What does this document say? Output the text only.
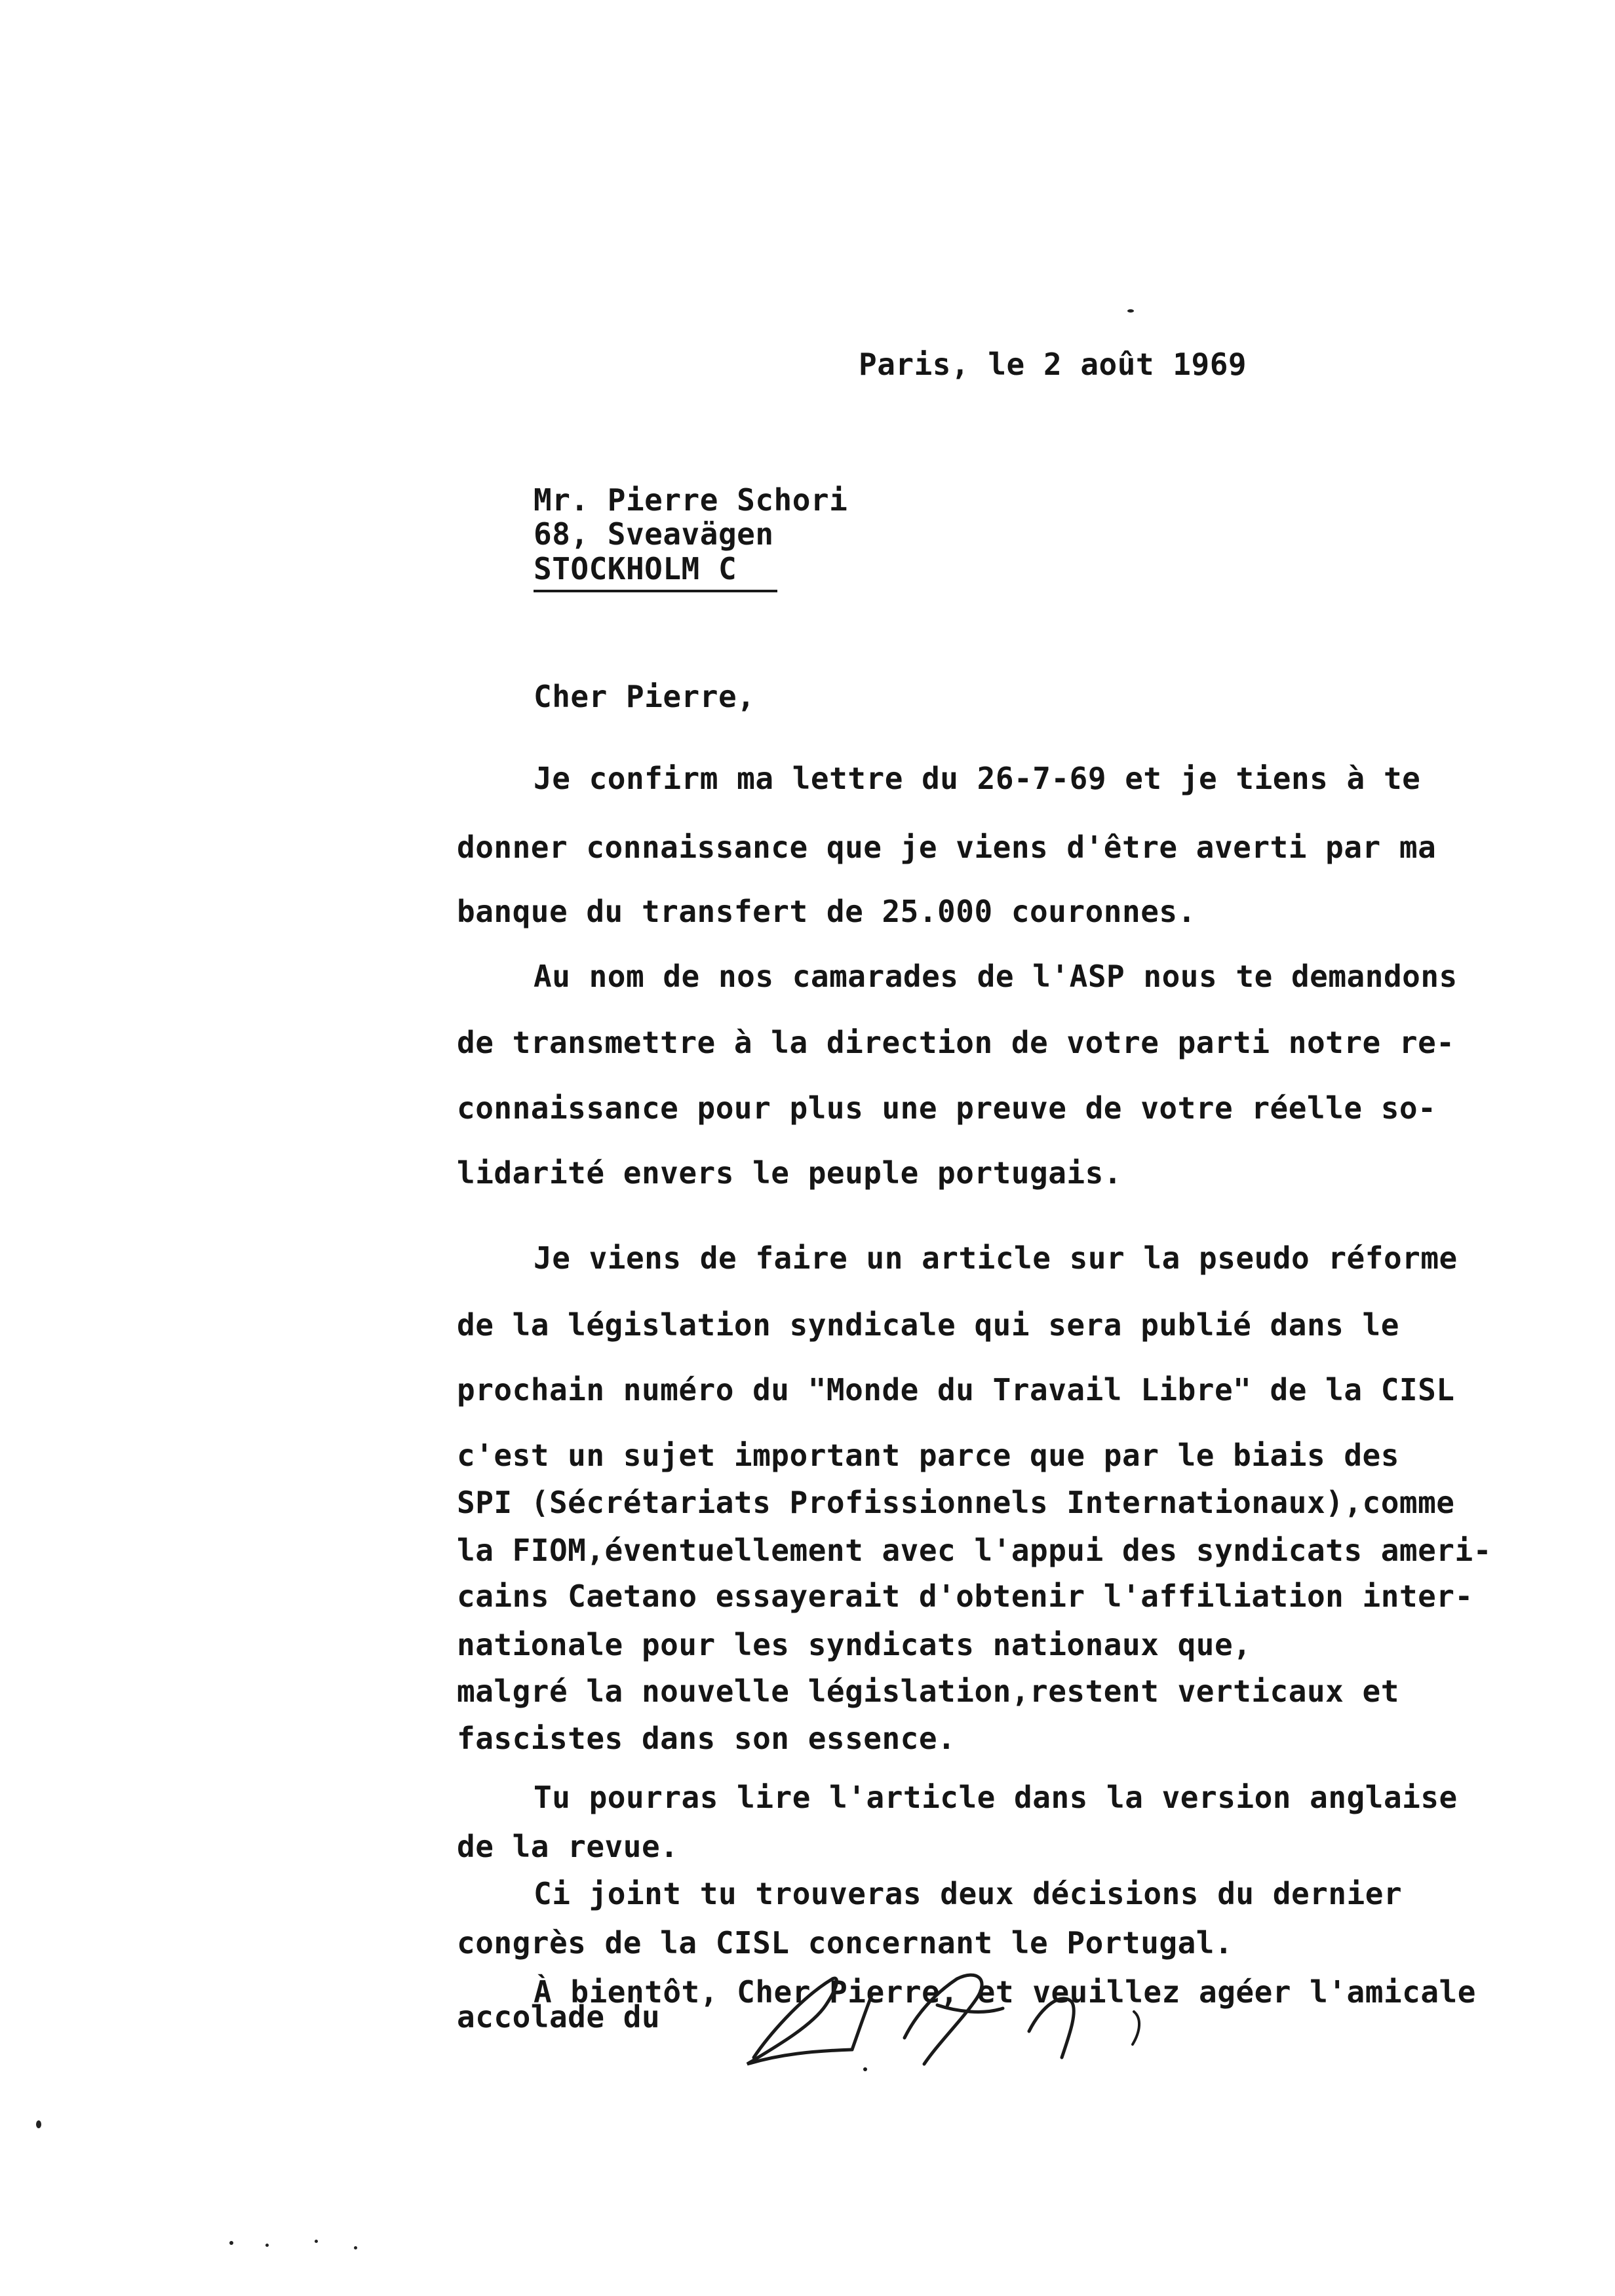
Paris, le 2 août 1969
Mr. Pierre Schori
68, Sveavägen
STOCKHOLM C
Cher Pierre,
Je confirm ma lettre du 26-7-69 et je tiens à te
donner connaissance que je viens d'être averti par ma
banque du transfert de 25.000 couronnes.
Au nom de nos camarades de l'ASP nous te demandons
de transmettre à la direction de votre parti notre re-
connaissance pour plus une preuve de votre réelle so-
lidarité envers le peuple portugais.
Je viens de faire un article sur la pseudo réforme
de la législation syndicale qui sera publié dans le
prochain numéro du "Monde du Travail Libre" de la CISL
c'est un sujet important parce que par le biais des
SPI (Sécrétariats Profissionnels Internationaux),comme
la FIOM,éventuellement avec l'appui des syndicats ameri-
cains Caetano essayerait d'obtenir l'affiliation inter-
nationale pour les syndicats nationaux que,
malgré la nouvelle législation,restent verticaux et
fascistes dans son essence.
Tu pourras lire l'article dans la version anglaise
de la revue.
Ci joint tu trouveras deux décisions du dernier
congrès de la CISL concernant le Portugal.
À bientôt, Cher Pierre, et veuillez agéer l'amicale
accolade du
